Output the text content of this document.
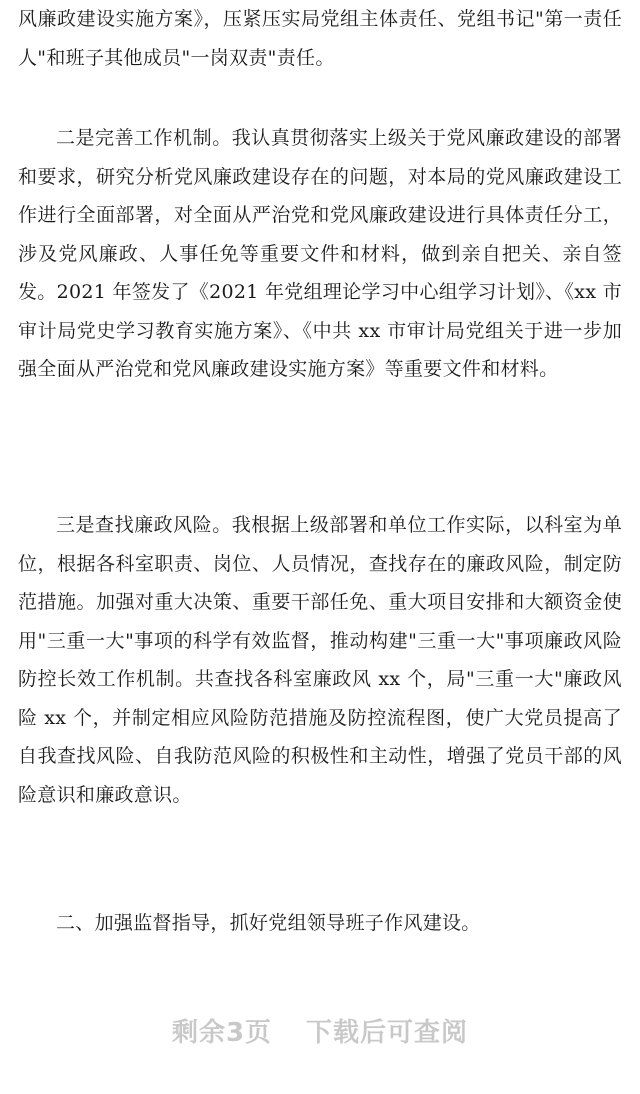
风廉政建设实施方案》，压紧压实局党组主体责任、党组书记"第一责任人"和班子其他成员"一岗双责"责任。

二是完善工作机制。我认真贯彻落实上级关于党风廉政建设的部署和要求，研究分析党风廉政建设存在的问题，对本局的党风廉政建设工作进行全面部署，对全面从严治党和党风廉政建设进行具体责任分工，涉及党风廉政、人事任免等重要文件和材料，做到亲自把关、亲自签发。2021 年签发了《2021 年党组理论学习中心组学习计划》、《xx 市审计局党史学习教育实施方案》、《中共 xx 市审计局党组关于进一步加强全面从严治党和党风廉政建设实施方案》等重要文件和材料。

三是查找廉政风险。我根据上级部署和单位工作实际，以科室为单位，根据各科室职责、岗位、人员情况，查找存在的廉政风险，制定防范措施。加强对重大决策、重要干部任免、重大项目安排和大额资金使用"三重一大"事项的科学有效监督，推动构建"三重一大"事项廉政风险防控长效工作机制。共查找各科室廉政风 xx 个，局"三重一大"廉政风险 xx 个，并制定相应风险防范措施及防控流程图，使广大党员提高了自我查找风险、自我防范风险的积极性和主动性，增强了党员干部的风险意识和廉政意识。

二、加强监督指导，抓好党组领导班子作风建设。

剩余3页 下载后可查阅
